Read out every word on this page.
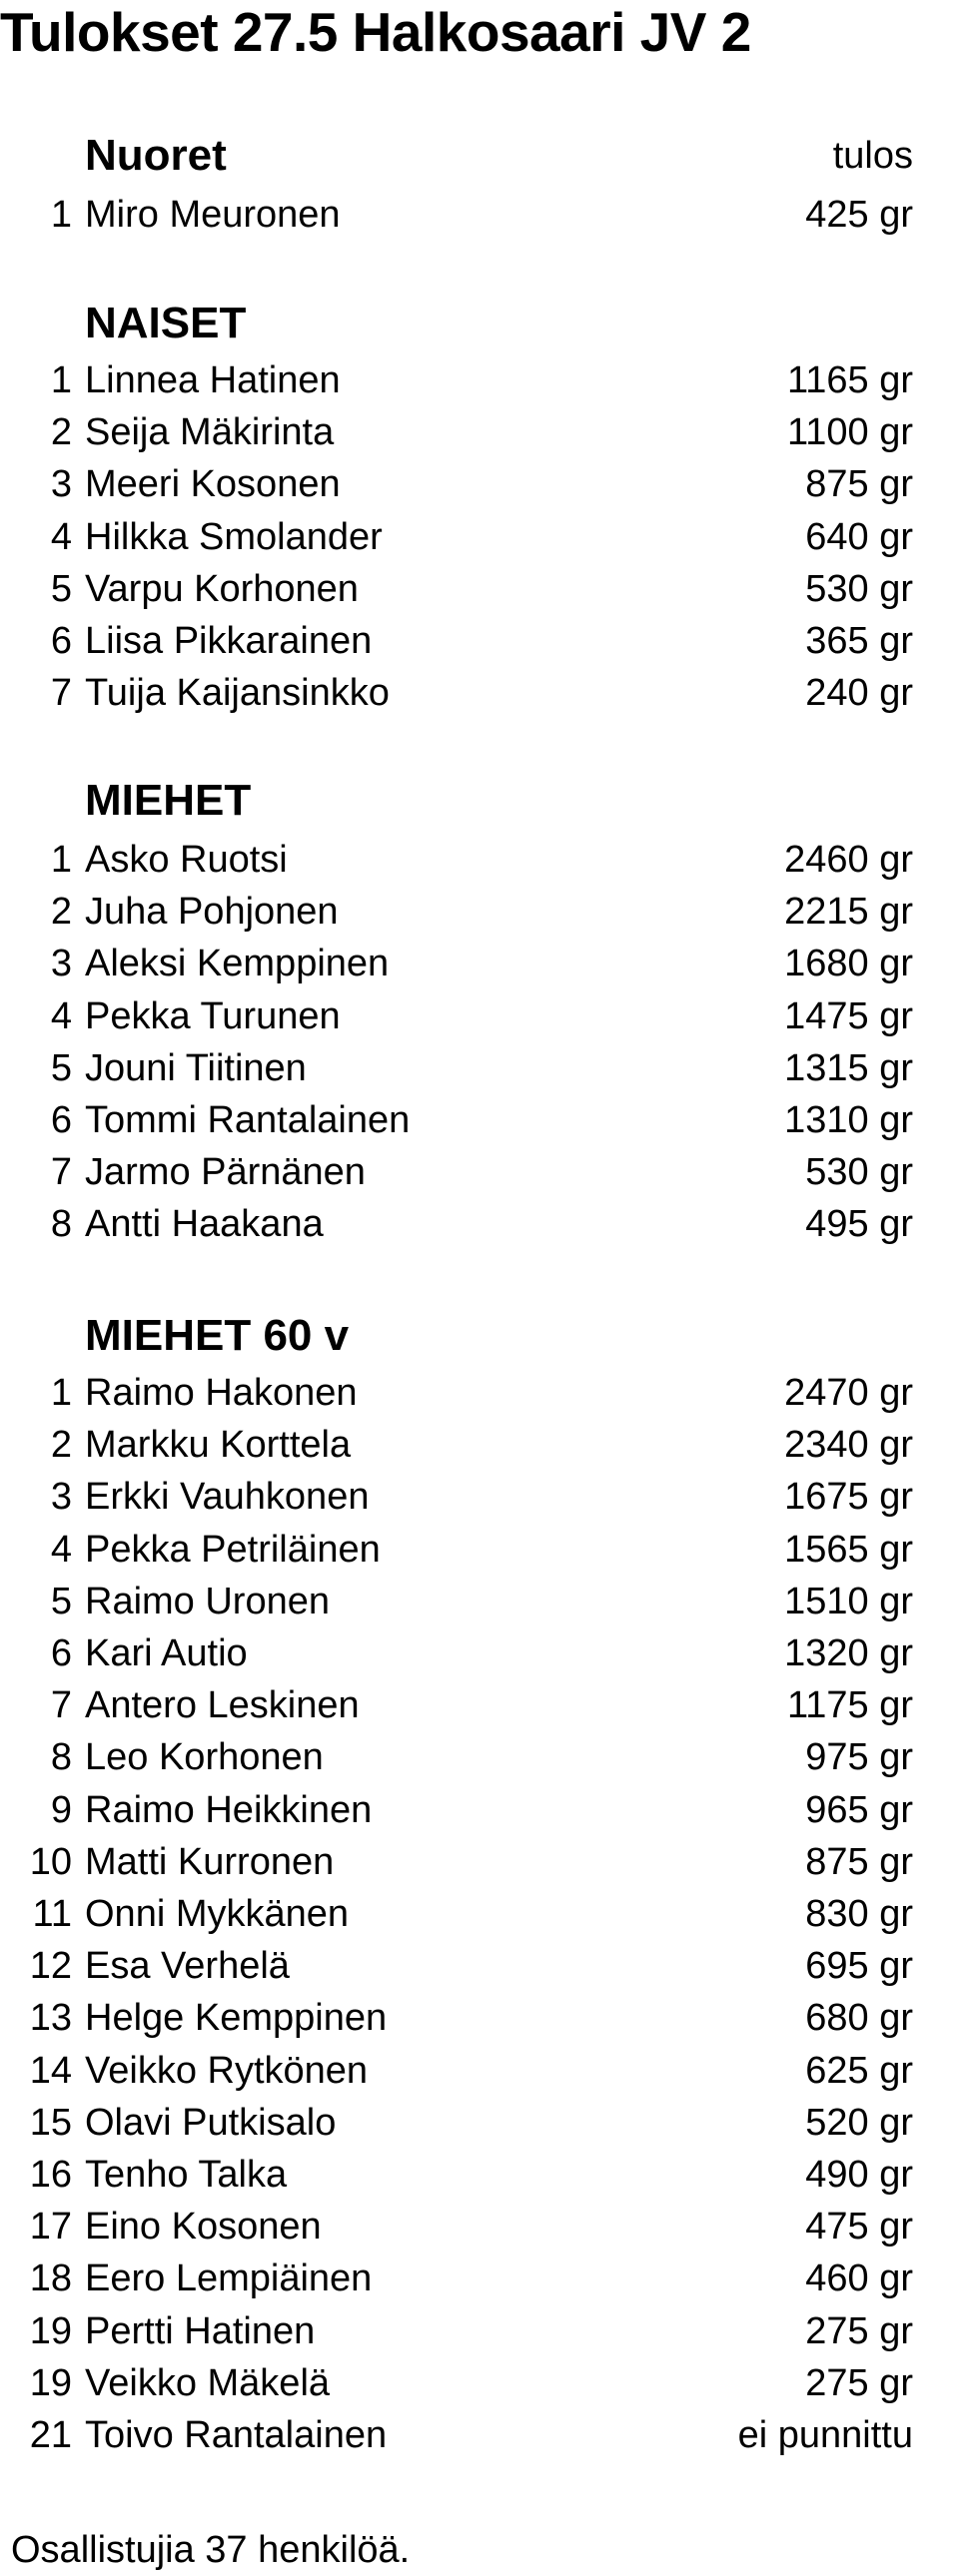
Tulokset 27.5 Halkosaari JV 2
Nuoret	tulos
1 Miro Meuronen	425 gr
NAISET
1 Linnea Hatinen	1165 gr
2 Seija Mäkirinta	1100 gr
3 Meeri Kosonen	875 gr
4 Hilkka Smolander	640 gr
5 Varpu Korhonen	530 gr
6 Liisa Pikkarainen	365 gr
7 Tuija Kaijansinkko	240 gr
MIEHET
1 Asko Ruotsi	2460 gr
2 Juha Pohjonen	2215 gr
3 Aleksi Kemppinen	1680 gr
4 Pekka Turunen	1475 gr
5 Jouni Tiitinen	1315 gr
6 Tommi Rantalainen	1310 gr
7 Jarmo Pärnänen	530 gr
8 Antti Haakana	495 gr
MIEHET 60 v
1 Raimo Hakonen	2470 gr
2 Markku Korttela	2340 gr
3 Erkki Vauhkonen	1675 gr
4 Pekka Petriläinen	1565 gr
5 Raimo Uronen	1510 gr
6 Kari Autio	1320 gr
7 Antero Leskinen	1175 gr
8 Leo Korhonen	975 gr
9 Raimo Heikkinen	965 gr
10 Matti Kurronen	875 gr
11 Onni Mykkänen	830 gr
12 Esa Verhelä	695 gr
13 Helge Kemppinen	680 gr
14 Veikko Rytkönen	625 gr
15 Olavi Putkisalo	520 gr
16 Tenho Talka	490 gr
17 Eino Kosonen	475 gr
18 Eero Lempiäinen	460 gr
19 Pertti Hatinen	275 gr
19 Veikko Mäkelä	275 gr
21 Toivo Rantalainen	ei punnittu
Osallistujia 37 henkilöä.
